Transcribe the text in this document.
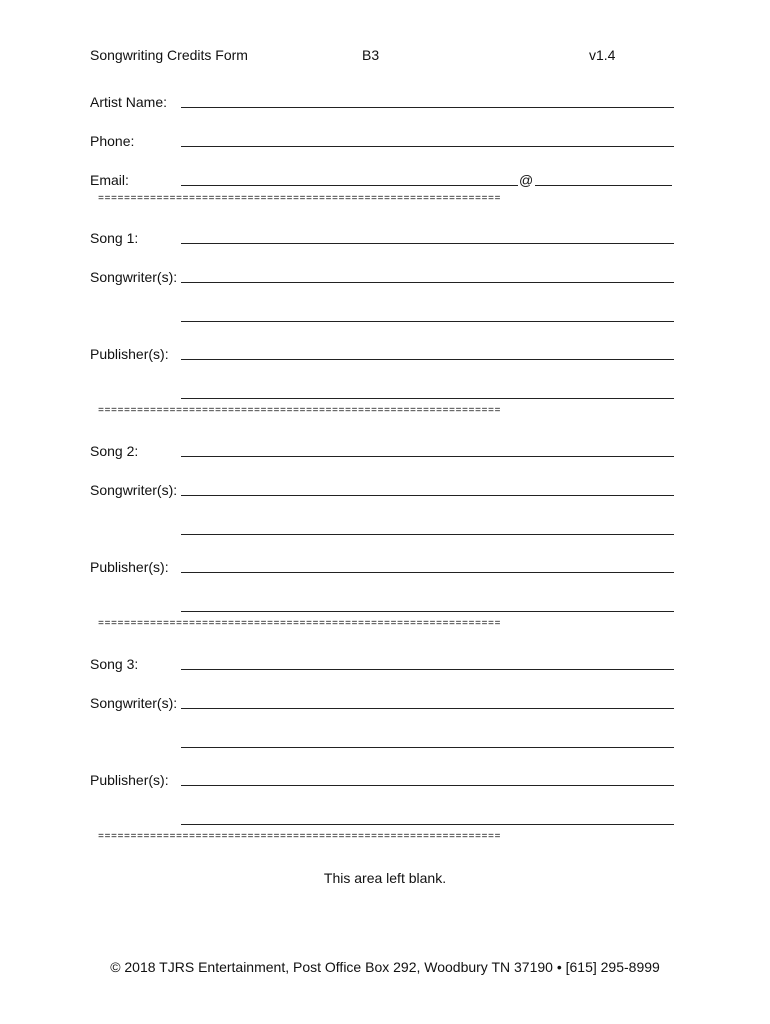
Songwriting Credits Form	B3	v1.4
Artist Name:
Phone:
Email:	@
==============================================================
Song 1:
Songwriter(s):
Publisher(s):
==============================================================
Song 2:
Songwriter(s):
Publisher(s):
==============================================================
Song 3:
Songwriter(s):
Publisher(s):
==============================================================
This area left blank.
© 2018 TJRS Entertainment, Post Office Box 292, Woodbury TN 37190 • [615] 295-8999
